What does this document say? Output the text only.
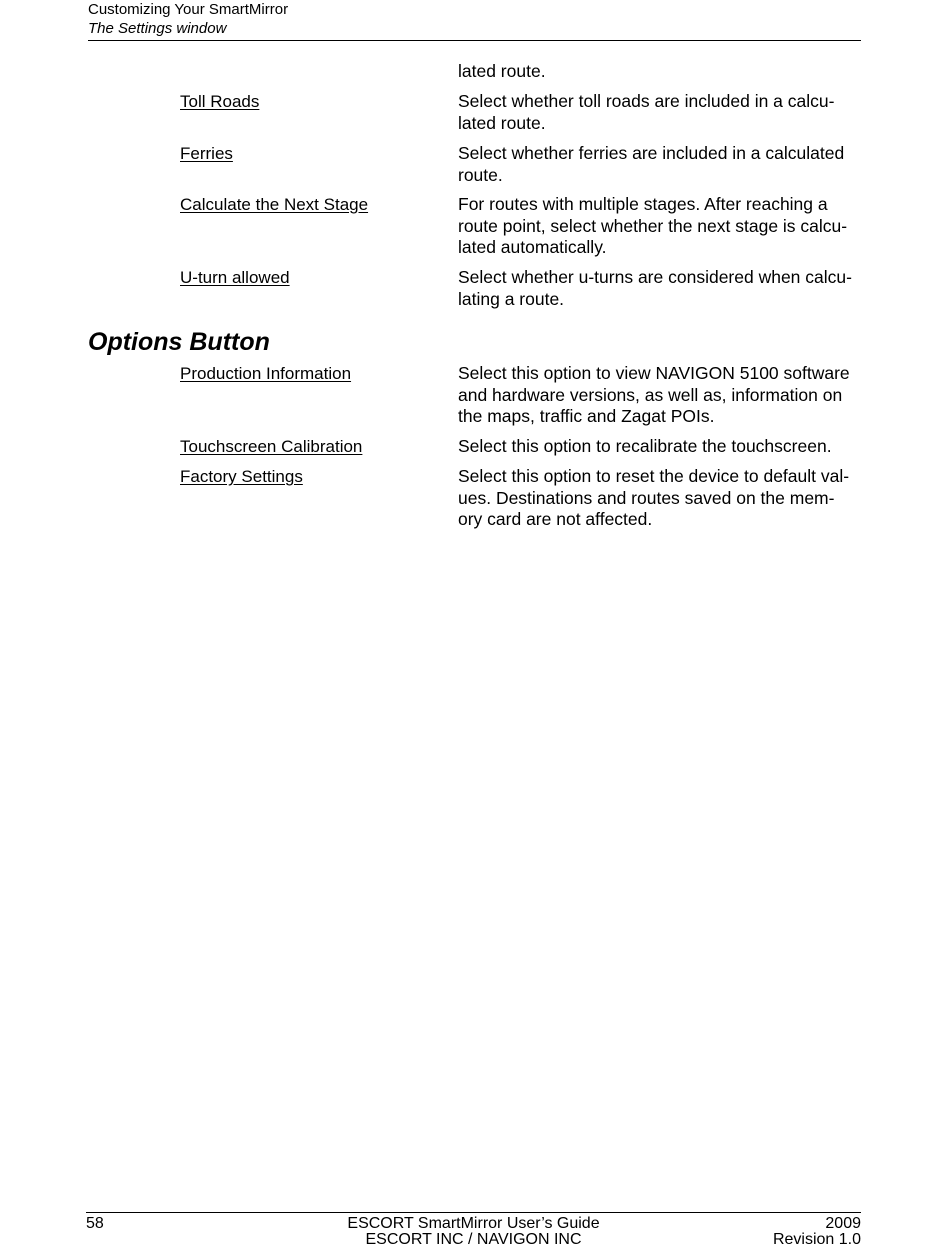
Customizing Your SmartMirror
The Settings window
lated route.
Toll Roads	Select whether toll roads are included in a calcu-
lated route.
Ferries	Select whether ferries are included in a calculated
route.
Calculate the Next Stage	For routes with multiple stages. After reaching a
route point, select whether the next stage is calcu-
lated automatically.
U-turn allowed	Select whether u-turns are considered when calcu-
lating a route.
Options Button
Production Information	Select this option to view NAVIGON 5100 software
and hardware versions, as well as, information on
the maps, traffic and Zagat POIs.
Touchscreen Calibration	Select this option to recalibrate the touchscreen.
Factory Settings	Select this option to reset the device to default val-
ues. Destinations and routes saved on the mem-
ory card are not affected.
58	ESCORT SmartMirror User’s Guide
ESCORT INC / NAVIGON INC
2009
Revision 1.0
